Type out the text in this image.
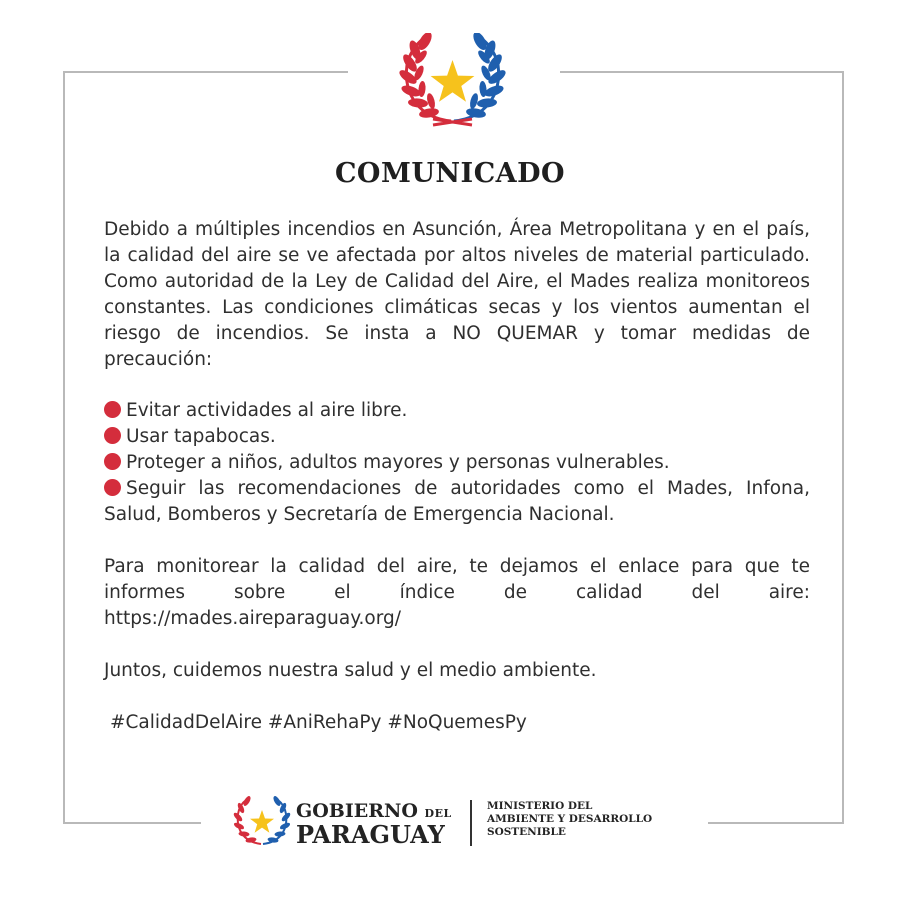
COMUNICADO
Debido a múltiples incendios en Asunción, Área Metropolitana y en el país, la calidad del aire se ve afectada por altos niveles de material particulado. Como autoridad de la Ley de Calidad del Aire, el Mades realiza monitoreos constantes. Las condiciones climáticas secas y los vientos aumentan el riesgo de incendios. Se insta a NO QUEMAR y tomar medidas de precaución:

Evitar actividades al aire libre.

Usar tapabocas.

Proteger a niños, adultos mayores y personas vulnerables.

Seguir las recomendaciones de autoridades como el Mades, Infona, Salud, Bomberos y Secretaría de Emergencia Nacional.

Para monitorear la calidad del aire, te dejamos el enlace para que te informes sobre el índice de calidad del aire: https://mades.aireparaguay.org/
Juntos, cuidemos nuestra salud y el medio ambiente.
#CalidadDelAire #AniRehaPy #NoQuemesPy
GOBIERNO DEL
PARAGUAY
MINISTERIO DEL
AMBIENTE Y DESARROLLO
SOSTENIBLE
